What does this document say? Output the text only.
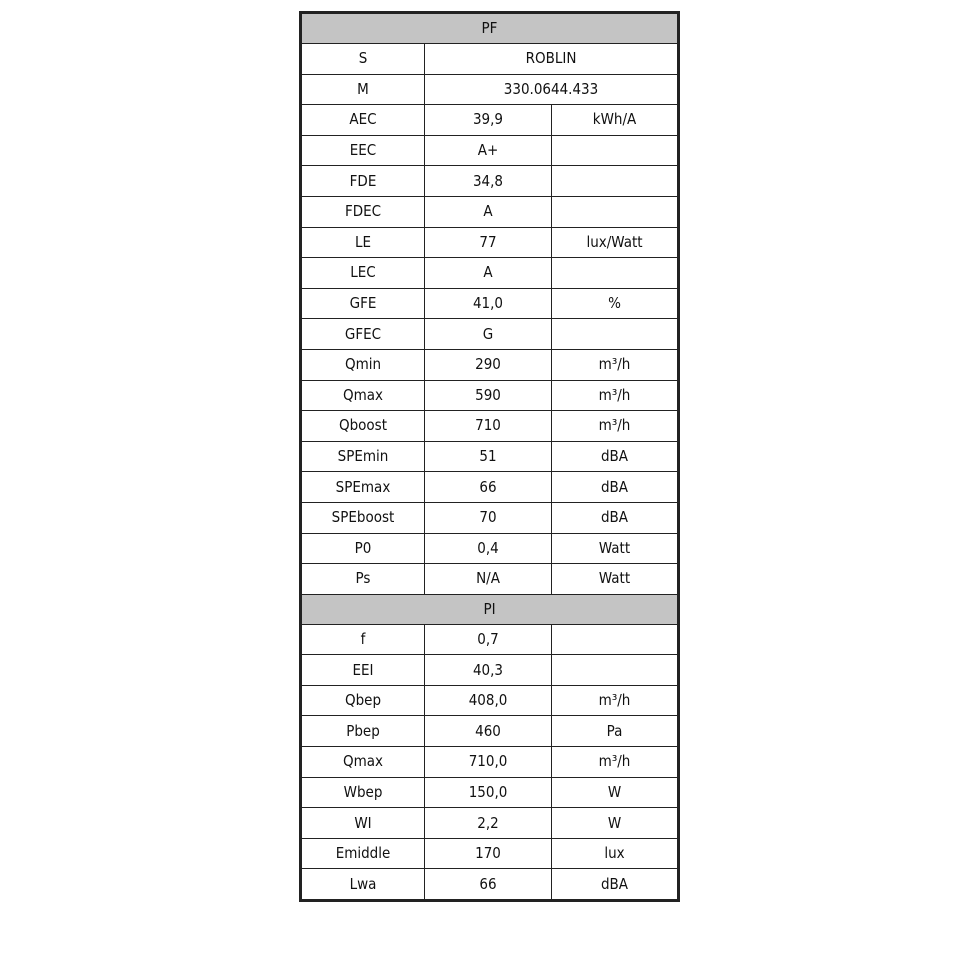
PF		
S	ROBLIN	
M	330.0644.433	
AEC	39,9	kWh/A
EEC	A+	
FDE	34,8	
FDEC	A	
LE	77	lux/Watt
LEC	A	
GFE	41,0	%
GFEC	G	
Qmin	290	m³/h
Qmax	590	m³/h
Qboost	710	m³/h
SPEmin	51	dBA
SPEmax	66	dBA
SPEboost	70	dBA
P0	0,4	Watt
Ps	N/A	Watt
PI		
f	0,7	
EEI	40,3	
Qbep	408,0	m³/h
Pbep	460	Pa
Qmax	710,0	m³/h
Wbep	150,0	W
WI	2,2	W
Emiddle	170	lux
Lwa	66	dBA
